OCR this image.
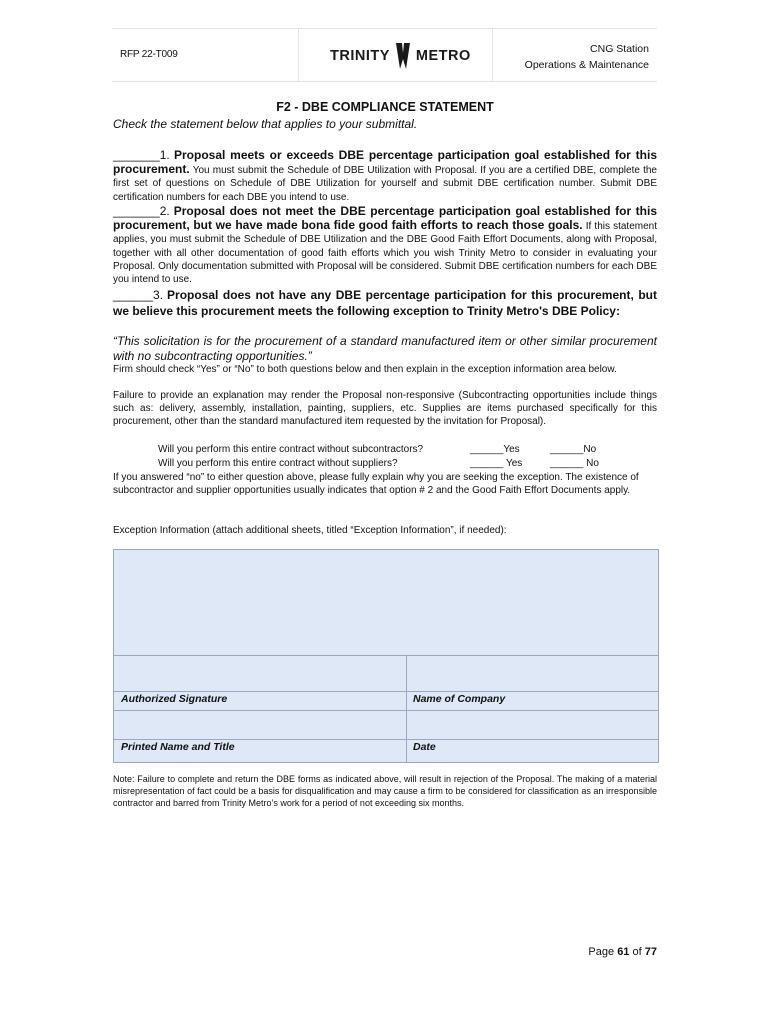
RFP 22-T009	TRINITY METRO	CNG Station
Operations & Maintenance
F2 - DBE COMPLIANCE STATEMENT
Check the statement below that applies to your submittal.
_______1. Proposal meets or exceeds DBE percentage participation goal established for this procurement. You must submit the Schedule of DBE Utilization with Proposal. If you are a certified DBE, complete the first set of questions on Schedule of DBE Utilization for yourself and submit DBE certification number. Submit DBE certification numbers for each DBE you intend to use.
_______2. Proposal does not meet the DBE percentage participation goal established for this procurement, but we have made bona fide good faith efforts to reach those goals. If this statement applies, you must submit the Schedule of DBE Utilization and the DBE Good Faith Effort Documents, along with Proposal, together with all other documentation of good faith efforts which you wish Trinity Metro to consider in evaluating your Proposal. Only documentation submitted with Proposal will be considered. Submit DBE certification numbers for each DBE you intend to use.
______3. Proposal does not have any DBE percentage participation for this procurement, but we believe this procurement meets the following exception to Trinity Metro's DBE Policy:
“This solicitation is for the procurement of a standard manufactured item or other similar procurement with no subcontracting opportunities.”
Firm should check “Yes” or “No” to both questions below and then explain in the exception information area below.
Failure to provide an explanation may render the Proposal non-responsive (Subcontracting opportunities include things such as: delivery, assembly, installation, painting, suppliers, etc. Supplies are items purchased specifically for this procurement, other than the standard manufactured item requested by the invitation for Proposal).
Will you perform this entire contract without subcontractors?	______Yes	______No
Will you perform this entire contract without suppliers?	______ Yes	______ No
If you answered “no” to either question above, please fully explain why you are seeking the exception. The existence of subcontractor and supplier opportunities usually indicates that option # 2 and the Good Faith Effort Documents apply.
Exception Information (attach additional sheets, titled “Exception Information”, if needed):
Authorized Signature	Name of Company
Printed Name and Title	Date
Note: Failure to complete and return the DBE forms as indicated above, will result in rejection of the Proposal. The making of a material misrepresentation of fact could be a basis for disqualification and may cause a firm to be considered for classification as an irresponsible contractor and barred from Trinity Metro’s work for a period of not exceeding six months.
Page 61 of 77
